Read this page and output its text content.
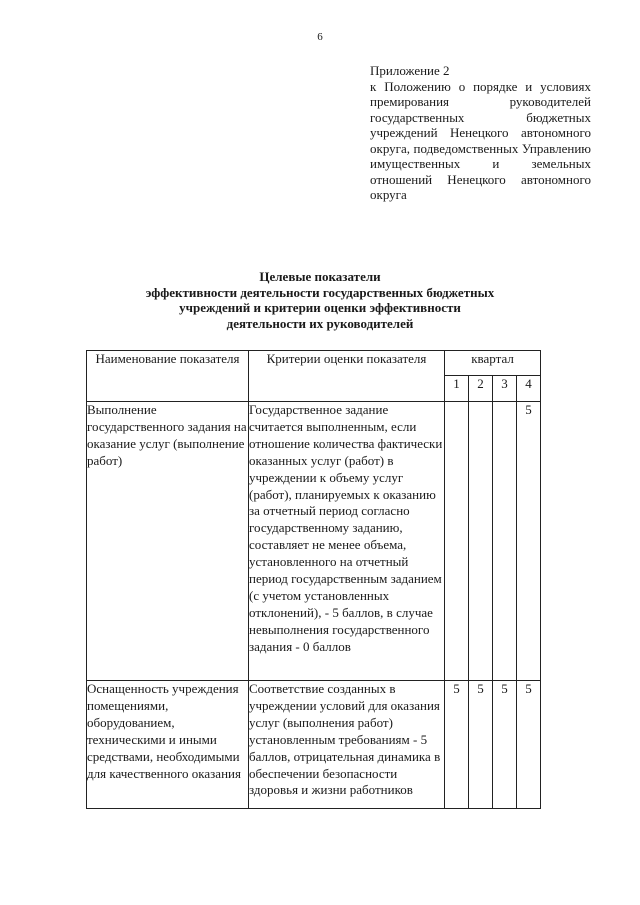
6
Приложение 2
к Положению о порядке и условиях премирования руководителей государственных бюджетных учреждений Ненецкого автономного округа, подведомственных Управлению имущественных и земельных отношений Ненецкого автономного округа
Целевые показатели
эффективности деятельности государственных бюджетных
учреждений и критерии оценки эффективности
деятельности их руководителей
Наименование показателя	Критерии оценки показателя	квартал			
		1	2	3	4
Выполнение государственного задания на оказание услуг (выполнение работ)	Государственное задание считается выполненным, если отношение количества фактически оказанных услуг (работ) в учреждении к объему услуг (работ), планируемых к оказанию за отчетный период согласно государственному заданию, составляет не менее объема, установленного на отчетный период государственным заданием (с учетом установленных отклонений), - 5 баллов, в случае невыполнения государственного задания - 0 баллов				5
Оснащенность учреждения помещениями, оборудованием, техническими и иными средствами, необходимыми для качественного оказания	Соответствие созданных в учреждении условий для оказания услуг (выполнения работ) установленным требованиям - 5 баллов, отрицательная динамика в обеспечении безопасности здоровья и жизни работников	5	5	5	5
